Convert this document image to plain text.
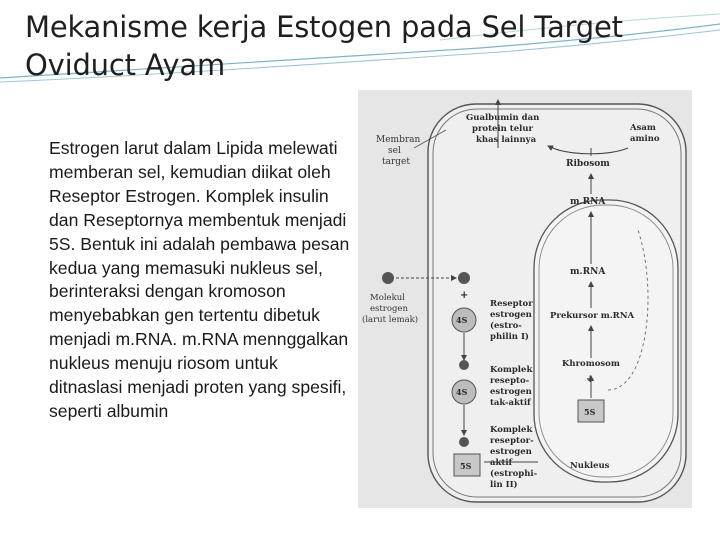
Mekanisme kerja Estogen pada Sel Target
Oviduct Ayam
Estrogen larut dalam Lipida melewati memberan sel, kemudian diikat oleh Reseptor Estrogen. Komplek insulin dan Reseptornya membentuk menjadi 5S. Bentuk ini adalah pembawa pesan kedua yang memasuki nukleus sel, berinteraksi dengan kromoson menyebabkan gen tertentu dibetuk menjadi m.RNA. m.RNA mennggalkan nukleus menuju riosom untuk ditnaslasi menjadi proten yang spesifi, seperti albumin
Membran sel target
Molekul estrogen (larut lemak)
Gualbumin dan protein telur khas lainnya
Asam amino
Ribosom
m.RNA
m.RNA
Prekursor m.RNA
Khromosom
Nukleus
Reseptor estrogen (estro- philin I)
Komplek resepto- estrogen tak-aktif
Komplek reseptor- estrogen aktif (estrophi- lin II)
+
4S
4S
5S
5S
+
